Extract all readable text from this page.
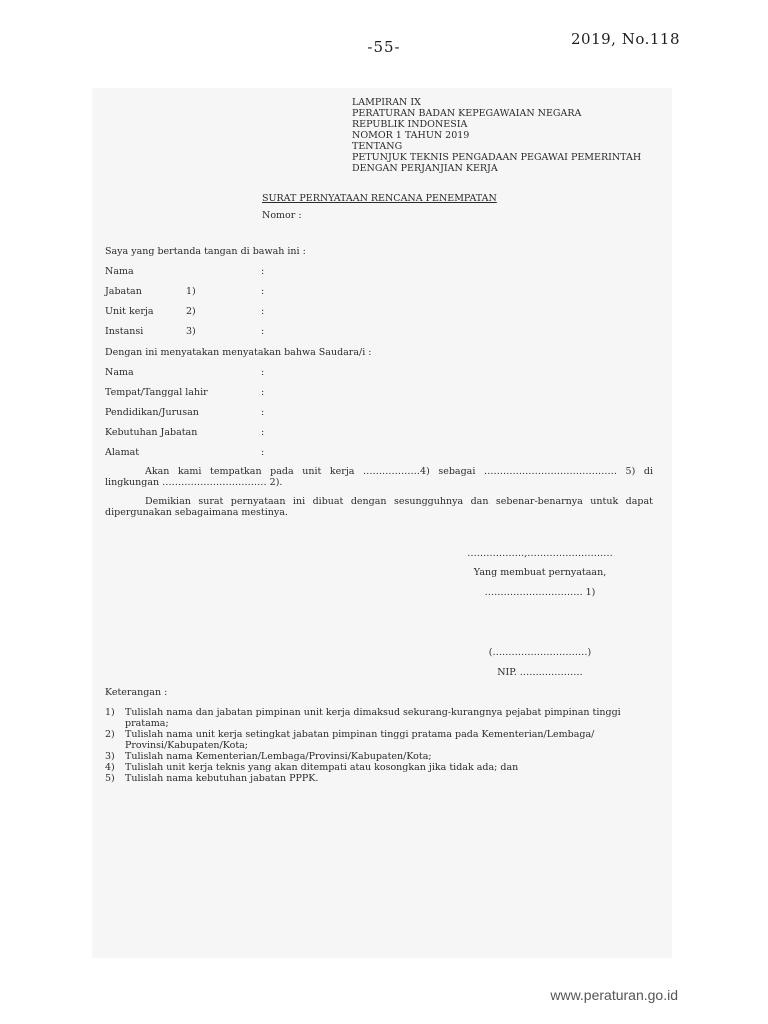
-55-	2019, No.118
LAMPIRAN IX
PERATURAN BADAN KEPEGAWAIAN NEGARA
REPUBLIK INDONESIA
NOMOR 1 TAHUN 2019
TENTANG
PETUNJUK TEKNIS PENGADAAN PEGAWAI PEMERINTAH
DENGAN PERJANJIAN KERJA
SURAT PERNYATAAN RENCANA PENEMPATAN
Nomor :
Saya yang bertanda tangan di bawah ini :
Nama	:
Jabatan	1)	:
Unit kerja	2)	:
Instansi	3)	:
Dengan ini menyatakan menyatakan bahwa Saudara/i :
Nama	:
Tempat/Tanggal lahir	:
Pendidikan/Jurusan	:
Kebutuhan Jabatan	:
Alamat	:
Akan kami tempatkan pada unit kerja ………………4) sebagai …………………………………… 5) di lingkungan …………………………… 2).
Demikian surat pernyataan ini dibuat dengan sesungguhnya dan sebenar-benarnya untuk dapat dipergunakan sebagaimana mestinya.
………………,………………………
Yang membuat pernyataan,
…………………………. 1)
(…………………………)
NIP. ……..…………
Keterangan :
1)	Tulislah nama dan jabatan pimpinan unit kerja dimaksud sekurang-kurangnya pejabat pimpinan tinggi pratama;
2)	Tulislah nama unit kerja setingkat jabatan pimpinan tinggi pratama pada Kementerian/Lembaga/ Provinsi/Kabupaten/Kota;
3)	Tulislah nama Kementerian/Lembaga/Provinsi/Kabupaten/Kota;
4)	Tulislah unit kerja teknis yang akan ditempati atau kosongkan jika tidak ada; dan
5)	Tulislah nama kebutuhan jabatan PPPK.
www.peraturan.go.id
